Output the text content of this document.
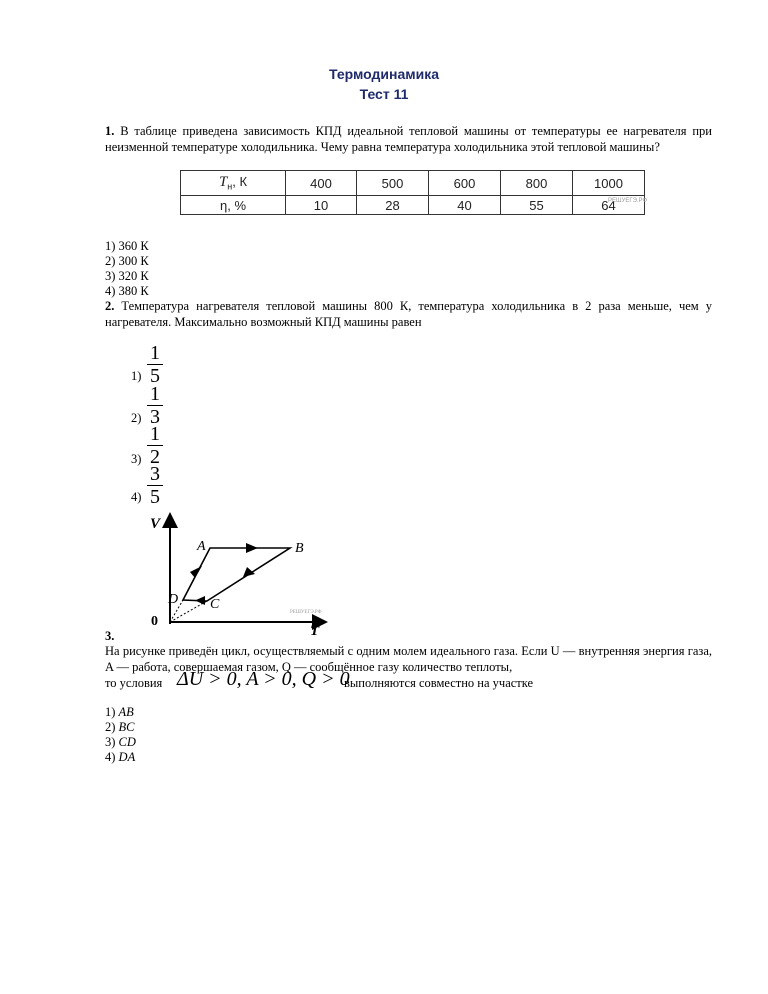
Термодинамика
Тест 11
1. В таблице приведена зависимость КПД идеальной тепловой машины от температуры ее нагревателя при неизменной температуре холодильника. Чему равна температура холодильника этой тепловой машины?
$T_н$, К	400	500	600	800	1000
η, %	10	28	40	55	64
РЕШУЕГЭ.РФ
1) 360 К
2) 300 К
3) 320 К
4) 380 К
2. Температура нагревателя тепловой машины 800 К, температура холодильника в 2 раза меньше, чем у нагревателя. Максимально возможный КПД машины равен
1)
1
5
2)
1
3
3)
1
2
4)
3
5
V
T
0
A	B
C
D
РЕШУЕГЭ.РФ
3.
На рисунке приведён цикл, осуществляемый с одним молем идеального газа. Если U — внутренняя энергия газа, A — работа, совершаемая газом, Q — сообщённое газу количество теплоты,
то условия ΔU > 0, A > 0, Q > 0
выполняются совместно на участке
1) AB
2) BC
3) CD
4) DA
